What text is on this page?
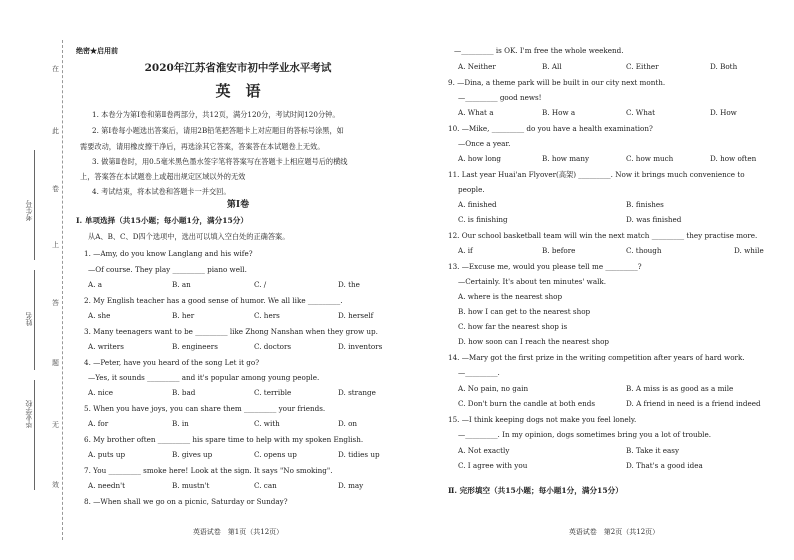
在
此
卷
上
答
题
无
效
考生号
姓名
毕业学校
绝密★启用前
2020年江苏省淮安市初中学业水平考试
英　语
1. 本卷分为第Ⅰ卷和第Ⅱ卷两部分，共12页，满分120分，考试时间120分钟。
2. 第Ⅰ卷每小题选出答案后，请用2B铅笔把答题卡上对应题目的答标号涂黑，如
需要改动，请用橡皮擦干净后，再选涂其它答案，答案答在本试题卷上无效。
3. 做第Ⅱ卷时，用0.5毫米黑色墨水签字笔将答案写在答题卡上相应题号后的横线
上，答案答在本试题卷上或超出规定区域以外的无效
4. 考试结束，将本试卷和答题卡一并交回。
第Ⅰ卷
Ⅰ. 单项选择（共15小题；每小题1分，满分15分）
从A、B、C、D四个选项中，选出可以填入空白处的正确答案。
1. —Amy, do you know Langlang and his wife?
—Of course. They play _________ piano well.
A. a	B. an	C. /	D. the
2. My English teacher has a good sense of humor. We all like _________.
A. she	B. her	C. hers	D. herself
3. Many teenagers want to be _________ like Zhong Nanshan when they grow up.
A. writers	B. engineers	C. doctors	D. inventors
4. —Peter, have you heard of the song Let it go?
—Yes, it sounds _________ and it's popular among young people.
A. nice	B. bad	C. terrible	D. strange
5. When you have joys, you can share them _________ your friends.
A. for	B. in	C. with	D. on
6. My brother often _________ his spare time to help with my spoken English.
A. puts up	B. gives up	C. opens up	D. tidies up
7. You _________ smoke here! Look at the sign. It says "No smoking".
A. needn't	B. mustn't	C. can	D. may
8. —When shall we go on a picnic, Saturday or Sunday?
英语试卷　第1页（共12页）
—_________ is OK. I'm free the whole weekend.
A. Neither	B. All	C. Either	D. Both
9. —Dina, a theme park will be built in our city next month.
—_________ good news!
A. What a	B. How a	C. What	D. How
10. —Mike, _________ do you have a health examination?
—Once a year.
A. how long	B. how many	C. how much	D. how often
11. Last year Huai'an Flyover(高架) _________. Now it brings much convenience to
people.
A. finished	B. finishes
C. is finishing	D. was finished
12. Our school basketball team will win the next match _________ they practise more.
A. if	B. before	C. though	D. while
13. —Excuse me, would you please tell me _________?
—Certainly. It's about ten minutes' walk.
A. where is the nearest shop
B. how I can get to the nearest shop
C. how far the nearest shop is
D. how soon can I reach the nearest shop
14. —Mary got the first prize in the writing competition after years of hard work.
—_________.
A. No pain, no gain	B. A miss is as good as a mile
C. Don't burn the candle at both ends	D. A friend in need is a friend indeed
15. —I think keeping dogs not make you feel lonely.
—_________. In my opinion, dogs sometimes bring you a lot of trouble.
A. Not exactly	B. Take it easy
C. I agree with you	D. That's a good idea
Ⅱ. 完形填空（共15小题；每小题1分，满分15分）
英语试卷　第2页（共12页）
